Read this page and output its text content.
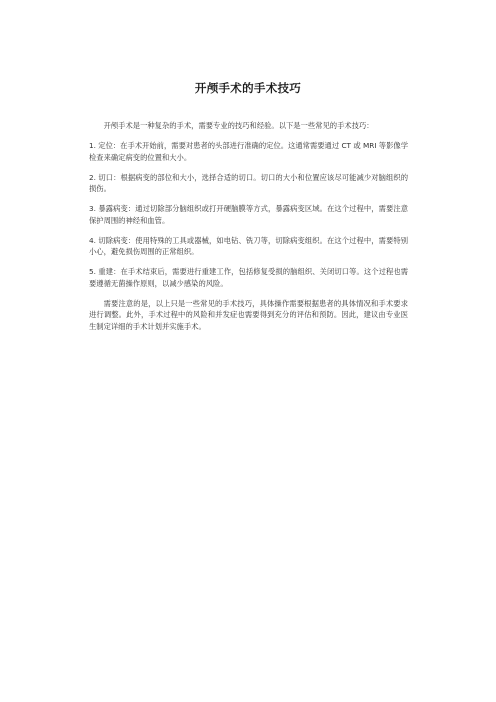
开颅手术的手术技巧

开颅手术是一种复杂的手术，需要专业的技巧和经验。以下是一些常见的手术技巧：

1. 定位：在手术开始前，需要对患者的头部进行准确的定位。这通常需要通过 CT 或 MRI 等影像学检查来确定病变的位置和大小。

2. 切口：根据病变的部位和大小，选择合适的切口。切口的大小和位置应该尽可能减少对脑组织的损伤。

3. 暴露病变：通过切除部分脑组织或打开硬脑膜等方式，暴露病变区域。在这个过程中，需要注意保护周围的神经和血管。

4. 切除病变：使用特殊的工具或器械，如电钻、铣刀等，切除病变组织。在这个过程中，需要特别小心，避免损伤周围的正常组织。

5. 重建：在手术结束后，需要进行重建工作，包括修复受损的脑组织、关闭切口等。这个过程也需要遵循无菌操作原则，以减少感染的风险。

需要注意的是，以上只是一些常见的手术技巧，具体操作需要根据患者的具体情况和手术要求进行调整。此外，手术过程中的风险和并发症也需要得到充分的评估和预防。因此，建议由专业医生制定详细的手术计划并实施手术。
